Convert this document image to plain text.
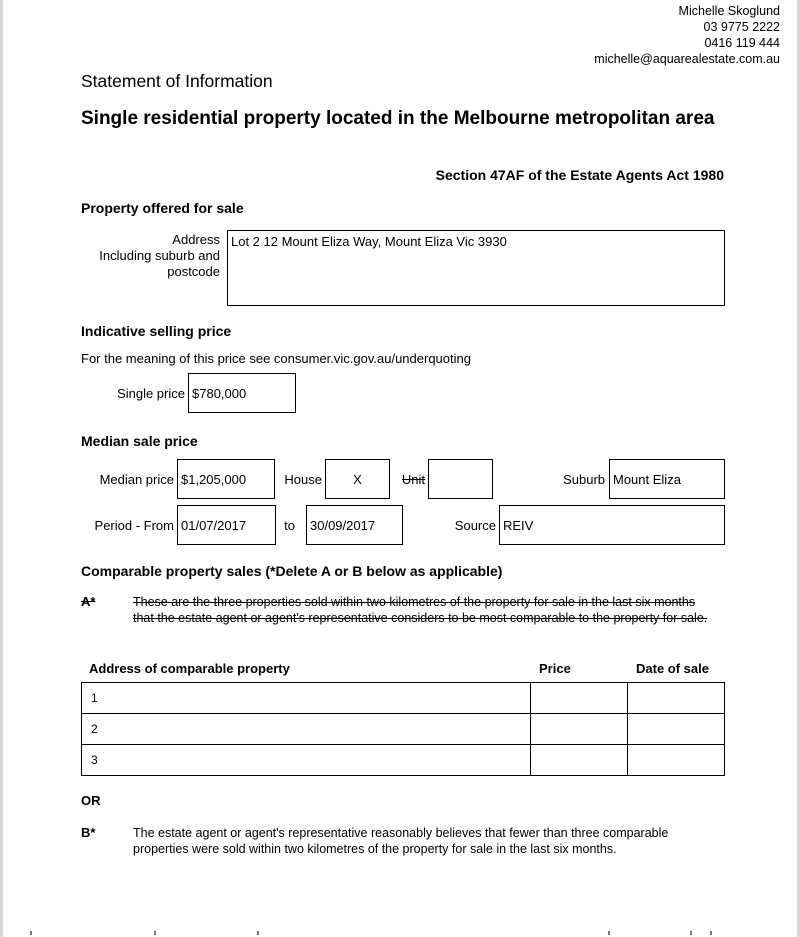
Michelle Skoglund
03 9775 2222
0416 119 444
michelle@aquarealestate.com.au
Statement of Information
Single residential property located in the Melbourne metropolitan area
Section 47AF of the Estate Agents Act 1980
Property offered for sale
Address
Including suburb and
postcode
Lot 2 12 Mount Eliza Way, Mount Eliza Vic 3930
Indicative selling price
For the meaning of this price see consumer.vic.gov.au/underquoting
Single price $780,000
Median sale price
Median price $1,205,000	House	X	Unit	Suburb Mount Eliza
Period - From 01/07/2017	to	30/09/2017	Source REIV
Comparable property sales (*Delete A or B below as applicable)
A*	These are the three properties sold within two kilometres of the property for sale in the last six months that the estate agent or agent's representative considers to be most comparable to the property for sale.
Address of comparable property	Price	Date of sale
1		
2		
3		
OR
B*	The estate agent or agent's representative reasonably believes that fewer than three comparable properties were sold within two kilometres of the property for sale in the last six months.
